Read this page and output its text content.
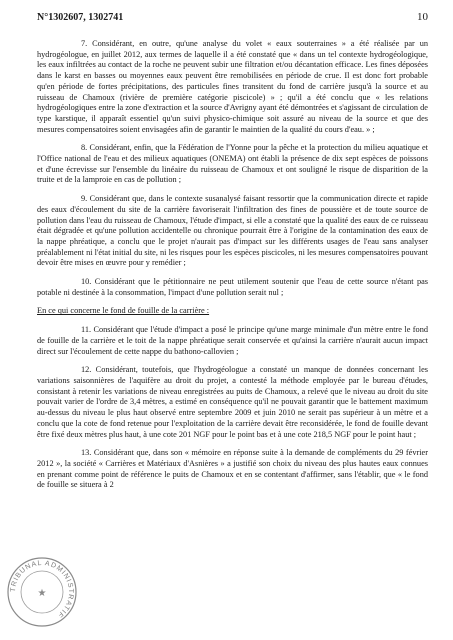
N°1302607, 1302741	10

7. Considérant, en outre, qu'une analyse du volet « eaux souterraines » a été réalisée par un hydrogéologue, en juillet 2012, aux termes de laquelle il a été constaté que « dans un tel contexte hydrogéologique, les eaux infiltrées au contact de la roche ne peuvent subir une filtration et/ou décantation efficace. Les fines déposées dans le karst en basses ou moyennes eaux peuvent être remobilisées en période de crue. Il est donc fort probable qu'en période de fortes précipitations, des particules fines transitent du fond de carrière jusqu'à la source et au ruisseau de Chamoux (rivière de première catégorie piscicole) » ; qu'il a été conclu que « les relations hydrogéologiques entre la zone d'extraction et la source d'Avrigny ayant été démontrées et s'agissant de circulation de type karstique, il apparaît essentiel qu'un suivi physico-chimique soit assuré au niveau de la source et que des mesures compensatoires soient envisagées afin de garantir le maintien de la qualité du cours d'eau. » ;

8. Considérant, enfin, que la Fédération de l'Yonne pour la pêche et la protection du milieu aquatique et l'Office national de l'eau et des milieux aquatiques (ONEMA) ont établi la présence de dix sept espèces de poissons et d'une écrevisse sur l'ensemble du linéaire du ruisseau de Chamoux et ont souligné le risque de disparition de la truite et de la lamproie en cas de pollution ;

9. Considérant que, dans le contexte susanalysé faisant ressortir que la communication directe et rapide des eaux d'écoulement du site de la carrière favoriserait l'infiltration des fines de poussière et de toute source de pollution dans l'eau du ruisseau de Chamoux, l'étude d'impact, si elle a constaté que la qualité des eaux de ce ruisseau était dégradée et qu'une pollution accidentelle ou chronique pourrait être à l'origine de la contamination des eaux de la nappe phréatique, a conclu que le projet n'aurait pas d'impact sur les différents usages de l'eau sans analyser préalablement ni l'état initial du site, ni les risques pour les espèces piscicoles, ni les mesures compensatoires pouvant devoir être mises en œuvre pour y remédier ;

10. Considérant que le pétitionnaire ne peut utilement soutenir que l'eau de cette source n'étant pas potable ni destinée à la consommation, l'impact d'une pollution serait nul ;

En ce qui concerne le fond de fouille de la carrière :

11. Considérant que l'étude d'impact a posé le principe qu'une marge minimale d'un mètre entre le fond de fouille de la carrière et le toit de la nappe phréatique serait conservée et qu'ainsi la carrière n'aurait aucun impact direct sur l'écoulement de cette nappe du bathono-callovien ;

12. Considérant, toutefois, que l'hydrogéologue a constaté un manque de données concernant les variations saisonnières de l'aquifère au droit du projet, a contesté la méthode employée par le bureau d'études, consistant à retenir les variations de niveau enregistrées au puits de Chamoux, a relevé que le niveau au droit du site pouvait varier de l'ordre de 3,4 mètres, a estimé en conséquence qu'il ne pouvait garantir que le battement maximum au-dessus du niveau le plus haut observé entre septembre 2009 et juin 2010 ne serait pas supérieur à un mètre et a conclu que la cote de fond retenue pour l'exploitation de la carrière devait être reconsidérée, le fond de fouille devant être fixé deux mètres plus haut, à une cote 201 NGF pour le point bas et à une cote 218,5 NGF pour le point haut ;

13. Considérant que, dans son « mémoire en réponse suite à la demande de compléments du 29 février 2012 », la société « Carrières et Matériaux d'Asnières » a justifié son choix du niveau des plus hautes eaux connues en prenant comme point de référence le puits de Chamoux et en se contentant d'affirmer, sans l'établir, que « le fond de fouille se situera à 2

TRIBUNAL ADMINISTRATIF
★
